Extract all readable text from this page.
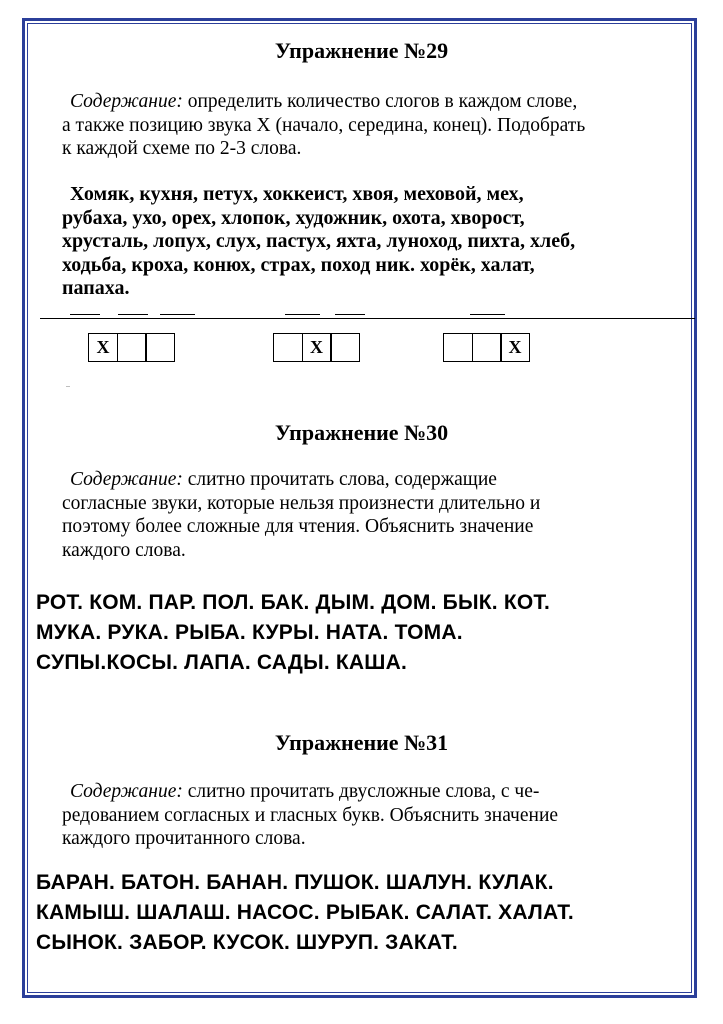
Упражнение №29
Содержание: определить количество слогов в каждом слове,
а также позицию звука Х (начало, середина, конец). Подобрать
к каждой схеме по 2-3 слова.
Хомяк, кухня, петух, хоккеист, хвоя, меховой, мех,
рубаха, ухо, орех, хлопок, художник, охота, хворост,
хрусталь, лопух, слух, пастух, яхта, луноход, пихта, хлеб,
ходьба, кроха, конюх, страх, поход ник. хорёк, халат,
папаха.
Х	Х	Х
..
Упражнение №30
Содержание: слитно прочитать слова, содержащие
согласные звуки, которые нельзя произнести длительно и
поэтому более сложные для чтения. Объяснить значение
каждого слова.
РОТ. КОМ. ПАР. ПОЛ. БАК. ДЫМ. ДОМ. БЫК. КОТ.
МУКА. РУКА. РЫБА. КУРЫ. НАТА. ТОМА.
СУПЫ.КОСЫ. ЛАПА. САДЫ. КАША.
Упражнение №31
Содержание: слитно прочитать двусложные слова, с че-
редованием согласных и гласных букв. Объяснить значение
каждого прочитанного слова.
БАРАН. БАТОН. БАНАН. ПУШОК. ШАЛУН. КУЛАК.
КАМЫШ. ШАЛАШ. НАСОС. РЫБАК. САЛАТ. ХАЛАТ.
СЫНОК. ЗАБОР. КУСОК. ШУРУП. ЗАКАТ.
